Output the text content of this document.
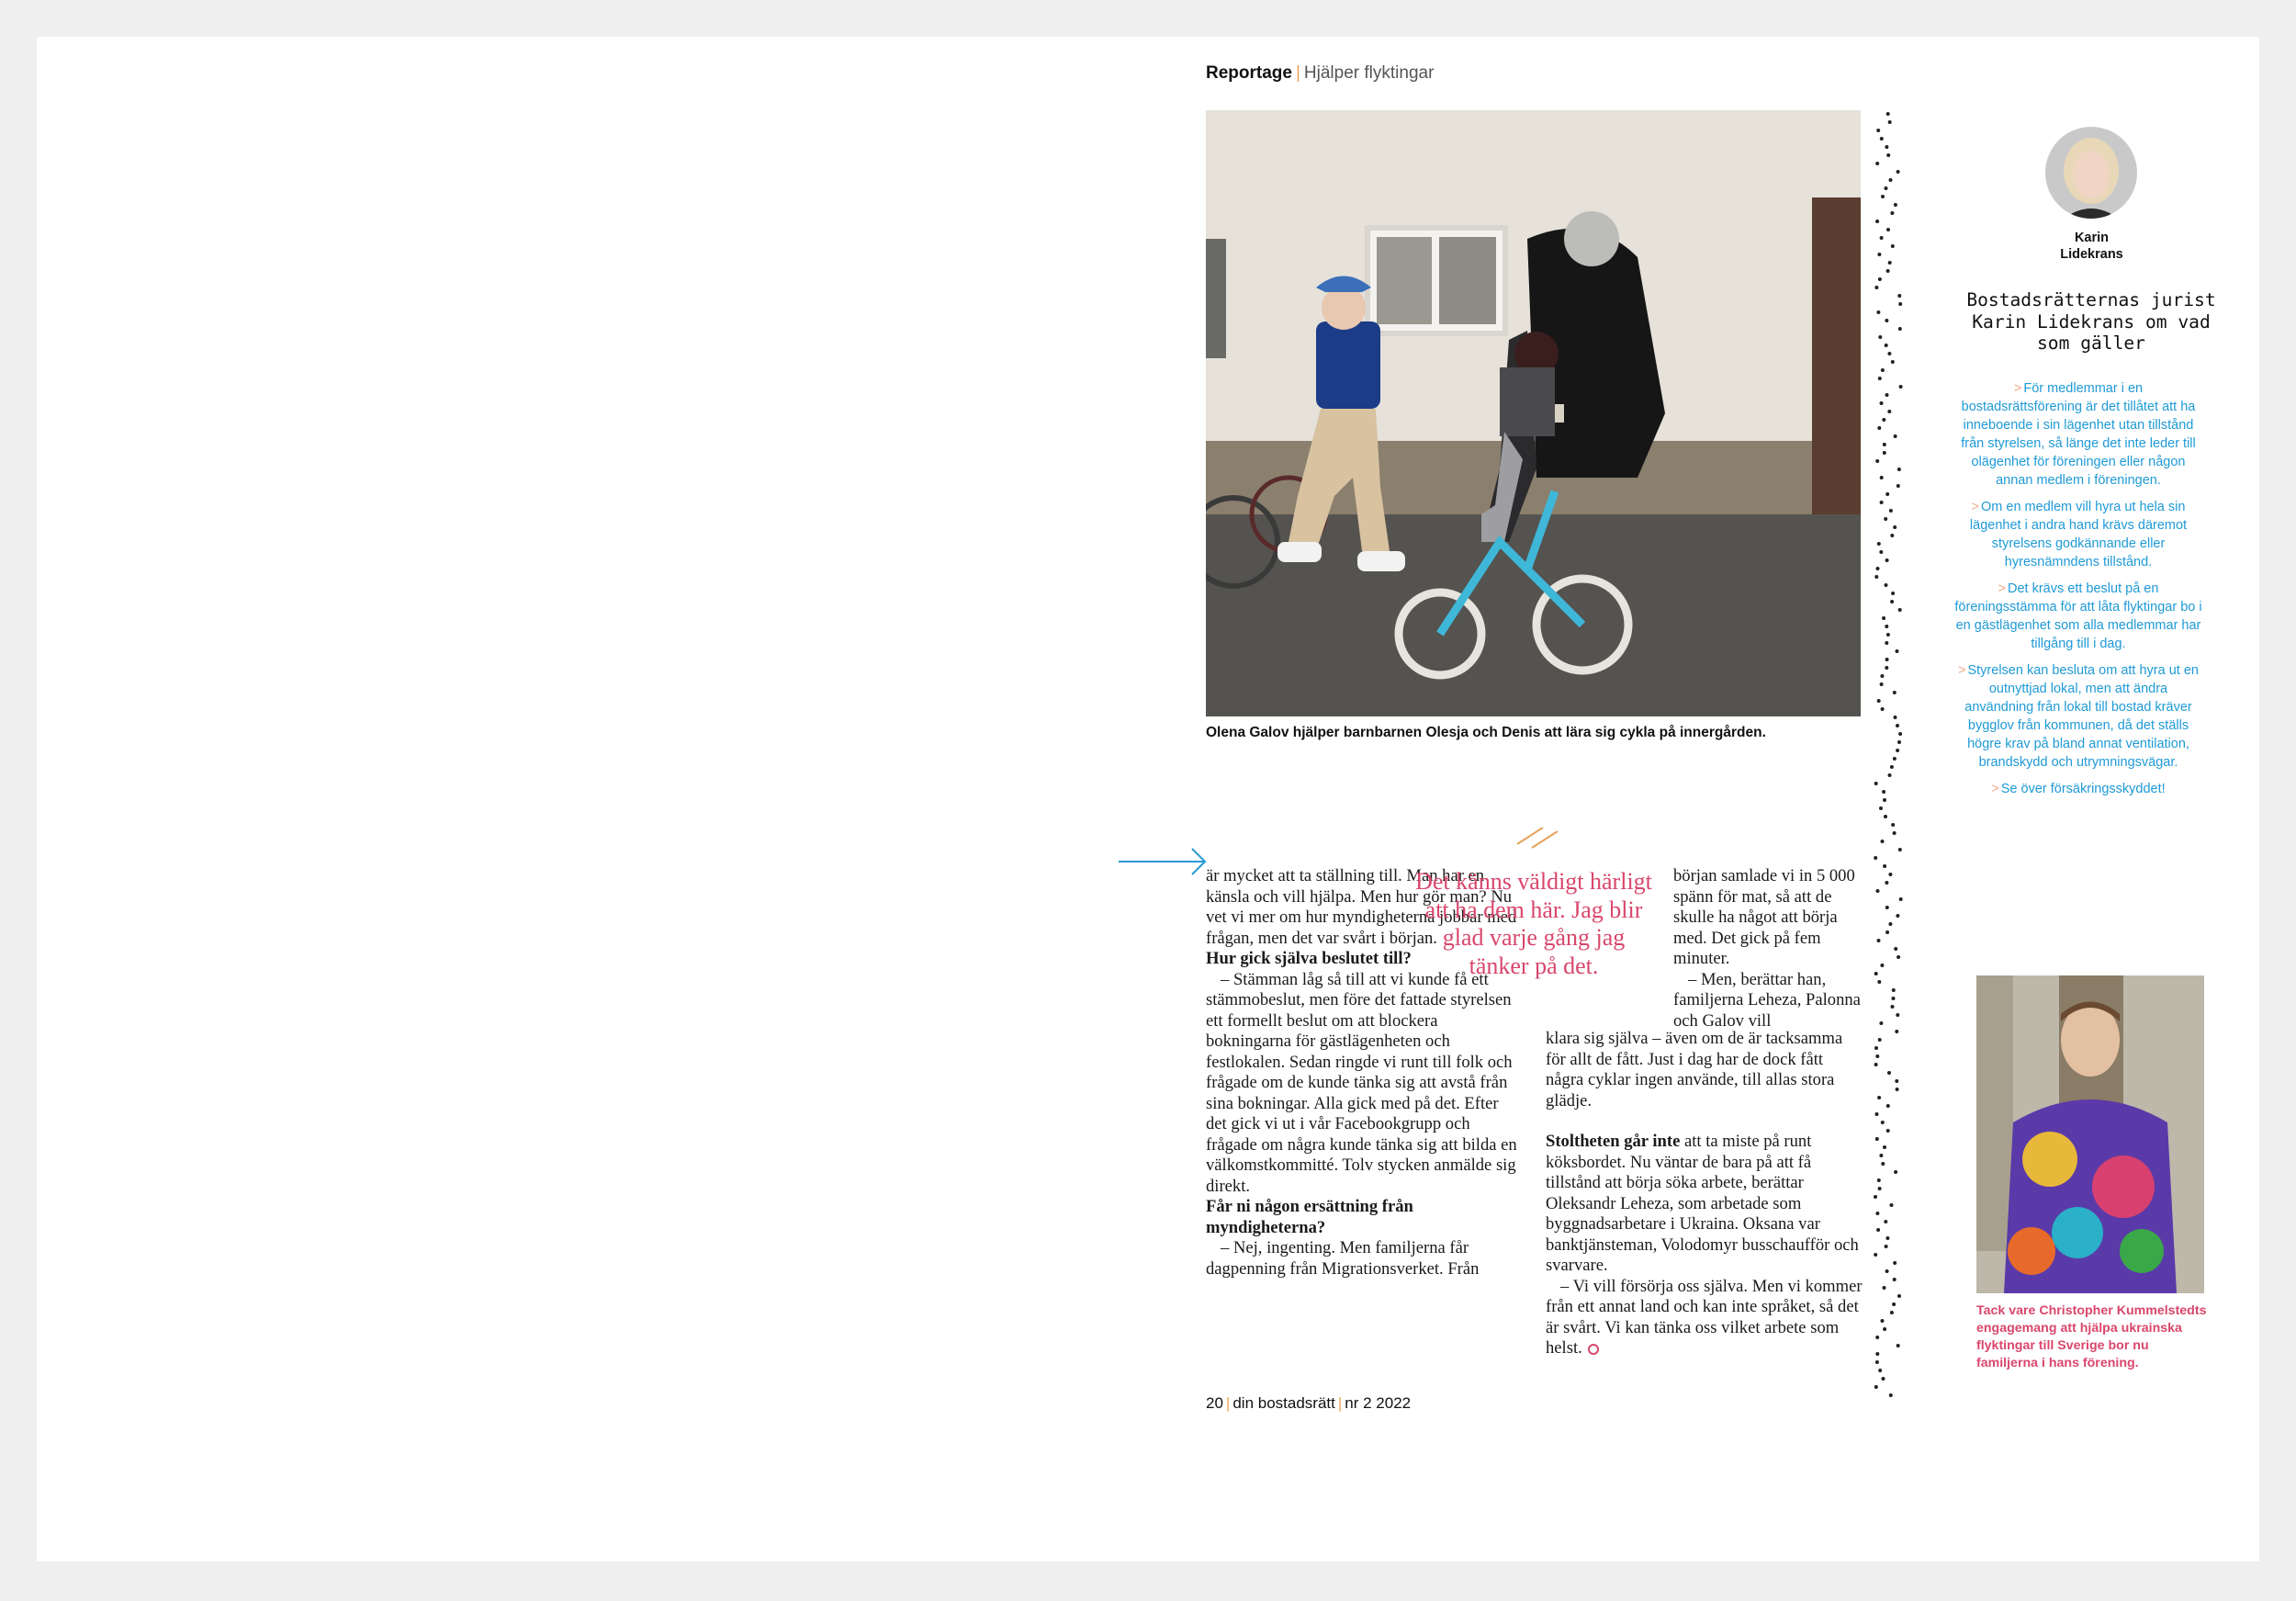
Reportage | Hjälper flyktingar
Olena Galov hjälper barnbarnen Olesja och Denis att lära sig cykla på innergården.

är mycket att ta ställning till. Man har en känsla och vill hjälpa. Men hur gör man? Nu vet vi mer om hur myndigheterna jobbar med frågan, men det var svårt i början.

Hur gick själva beslutet till?

– Stämman låg så till att vi kunde få ett stämmobeslut, men före det fattade styrelsen ett formellt beslut om att blockera bokningarna för gästlägenheten och festlokalen. Sedan ringde vi runt till folk och frågade om de kunde tänka sig att avstå från sina bokningar. Alla gick med på det. Efter det gick vi ut i vår Facebookgrupp och frågade om några kunde tänka sig att bilda en välkomstkommitté. Tolv stycken anmälde sig direkt.

Får ni någon ersättning från myndigheterna?

– Nej, ingenting. Men familjerna får dagpenning från Migrationsverket. Från

Det känns väldigt härligt att ha dem här. Jag blir glad varje gång jag tänker på det.

början samlade vi in 5 000 spänn för mat, så att de skulle ha något att börja med. Det gick på fem minuter.

– Men, berättar han, familjerna Leheza, Palonna och Galov vill

klara sig själva – även om de är tacksamma för allt de fått. Just i dag har de dock fått några cyklar ingen använde, till allas stora glädje.

Stoltheten går inte att ta miste på runt köksbordet. Nu väntar de bara på att få tillstånd att börja söka arbete, berättar Oleksandr Leheza, som arbetade som byggnadsarbetare i Ukraina. Oksana var banktjänsteman, Volodomyr busschaufför och svarvare.

– Vi vill försörja oss själva. Men vi kommer från ett annat land och kan inte språket, så det är svårt. Vi kan tänka oss vilket arbete som helst.

20 | din bostadsrätt | nr 2 2022
Karin
Lidekrans
Bostadsrätternas jurist Karin Lidekrans om vad som gäller
> För medlemmar i en bostadsrättsförening är det tillåtet att ha inneboende i sin lägenhet utan tillstånd från styrelsen, så länge det inte leder till olägenhet för föreningen eller någon annan medlem i föreningen.
> Om en medlem vill hyra ut hela sin lägenhet i andra hand krävs däremot styrelsens godkännande eller hyresnämndens tillstånd.
> Det krävs ett beslut på en föreningsstämma för att låta flyktingar bo i en gästlägenhet som alla medlemmar har tillgång till i dag.
> Styrelsen kan besluta om att hyra ut en outnyttjad lokal, men att ändra användning från lokal till bostad kräver bygglov från kommunen, då det ställs högre krav på bland annat ventilation, brandskydd och utrymningsvägar.
> Se över försäkringsskyddet!
Tack vare Christopher Kummelstedts engagemang att hjälpa ukrainska flyktingar till Sverige bor nu familjerna i hans förening.
